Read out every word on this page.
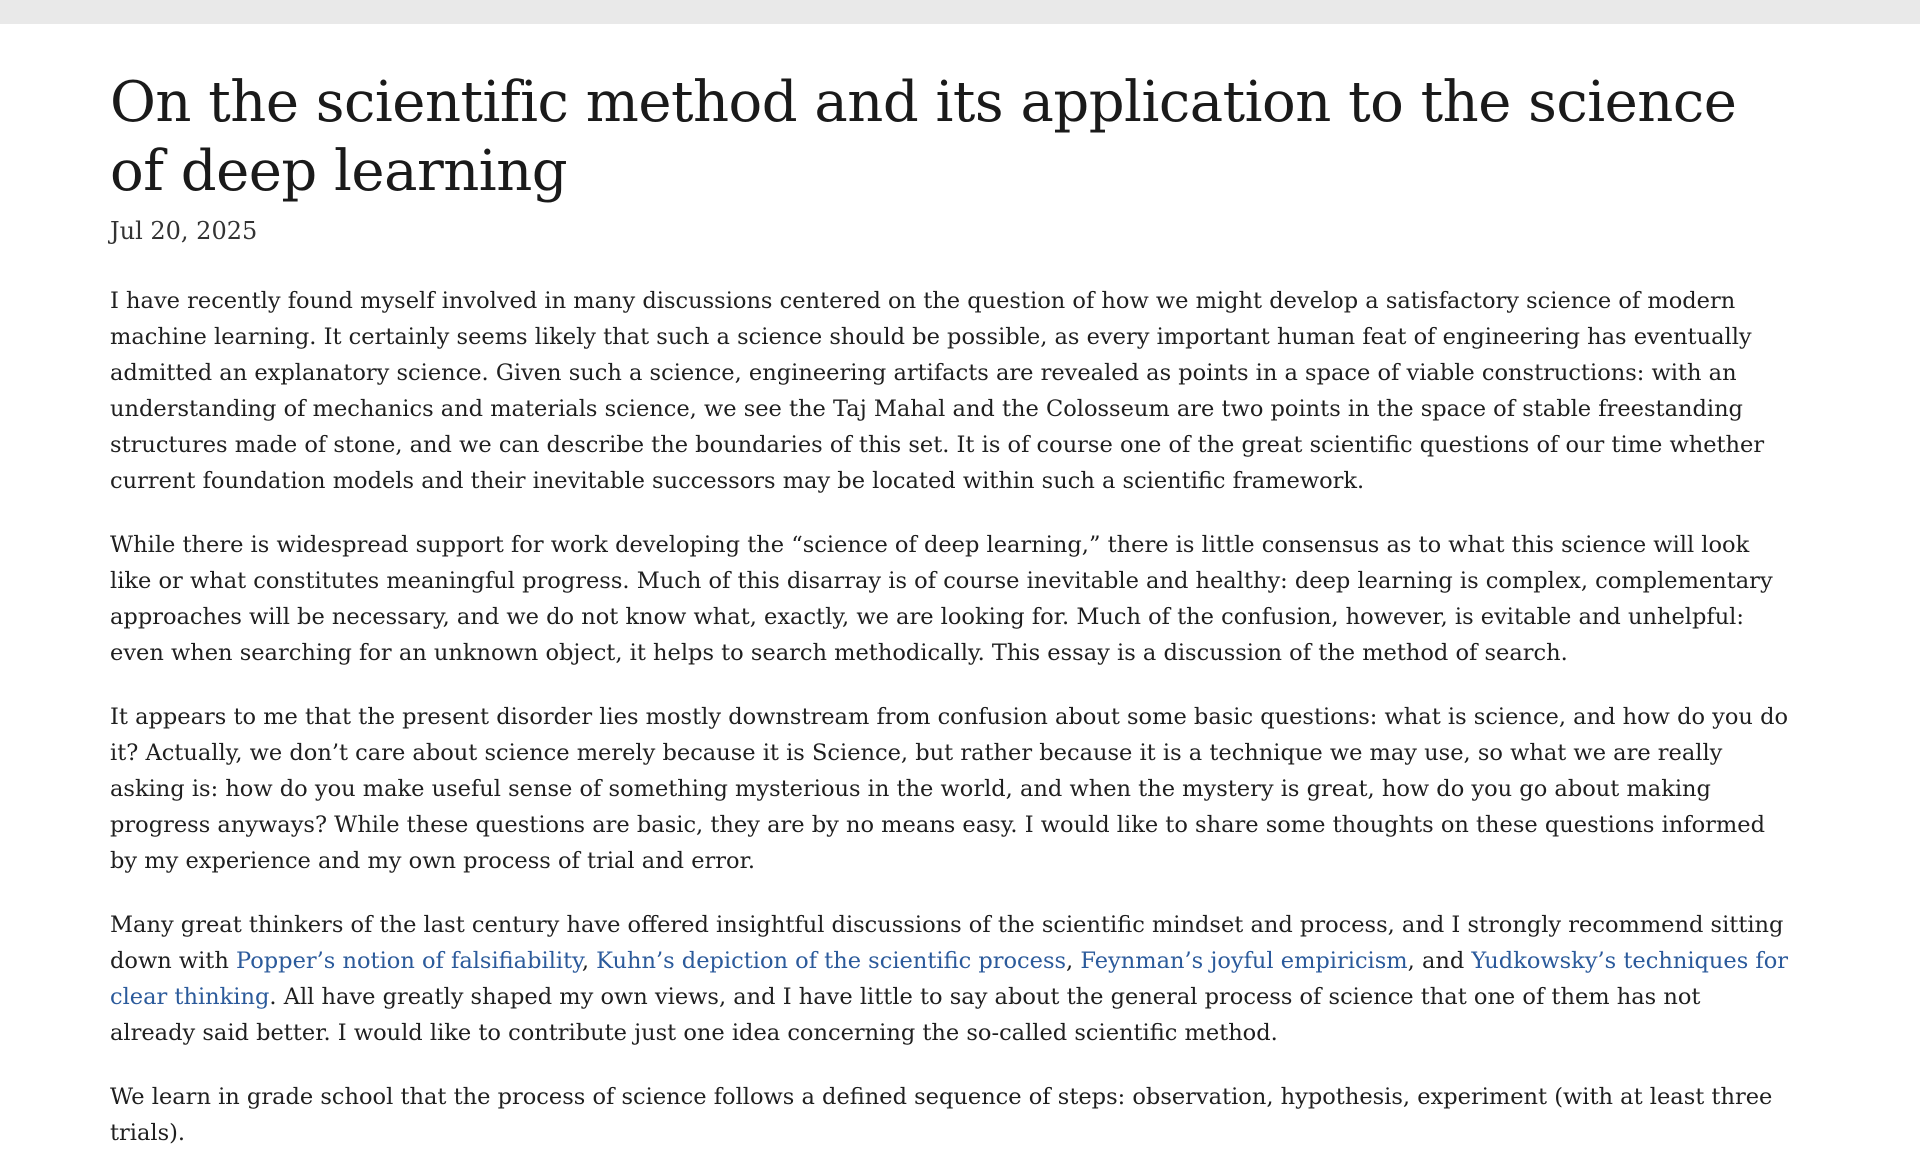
On the scientific method and its application to the science of deep learning
Jul 20, 2025

I have recently found myself involved in many discussions centered on the question of how we might develop a satisfactory science of modern machine learning. It certainly seems likely that such a science should be possible, as every important human feat of engineering has eventually admitted an explanatory science. Given such a science, engineering artifacts are revealed as points in a space of viable constructions: with an understanding of mechanics and materials science, we see the Taj Mahal and the Colosseum are two points in the space of stable freestanding structures made of stone, and we can describe the boundaries of this set. It is of course one of the great scientific questions of our time whether current foundation models and their inevitable successors may be located within such a scientific framework.

While there is widespread support for work developing the “science of deep learning,” there is little consensus as to what this science will look like or what constitutes meaningful progress. Much of this disarray is of course inevitable and healthy: deep learning is complex, complementary approaches will be necessary, and we do not know what, exactly, we are looking for. Much of the confusion, however, is evitable and unhelpful: even when searching for an unknown object, it helps to search methodically. This essay is a discussion of the method of search.

It appears to me that the present disorder lies mostly downstream from confusion about some basic questions: what is science, and how do you do it? Actually, we don’t care about science merely because it is Science, but rather because it is a technique we may use, so what we are really asking is: how do you make useful sense of something mysterious in the world, and when the mystery is great, how do you go about making progress anyways? While these questions are basic, they are by no means easy. I would like to share some thoughts on these questions informed by my experience and my own process of trial and error.

Many great thinkers of the last century have offered insightful discussions of the scientific mindset and process, and I strongly recommend sitting down with Popper’s notion of falsifiability, Kuhn’s depiction of the scientific process, Feynman’s joyful empiricism, and Yudkowsky’s techniques for clear thinking. All have greatly shaped my own views, and I have little to say about the general process of science that one of them has not already said better. I would like to contribute just one idea concerning the so-called scientific method.

We learn in grade school that the process of science follows a defined sequence of steps: observation, hypothesis, experiment (with at least three trials).
